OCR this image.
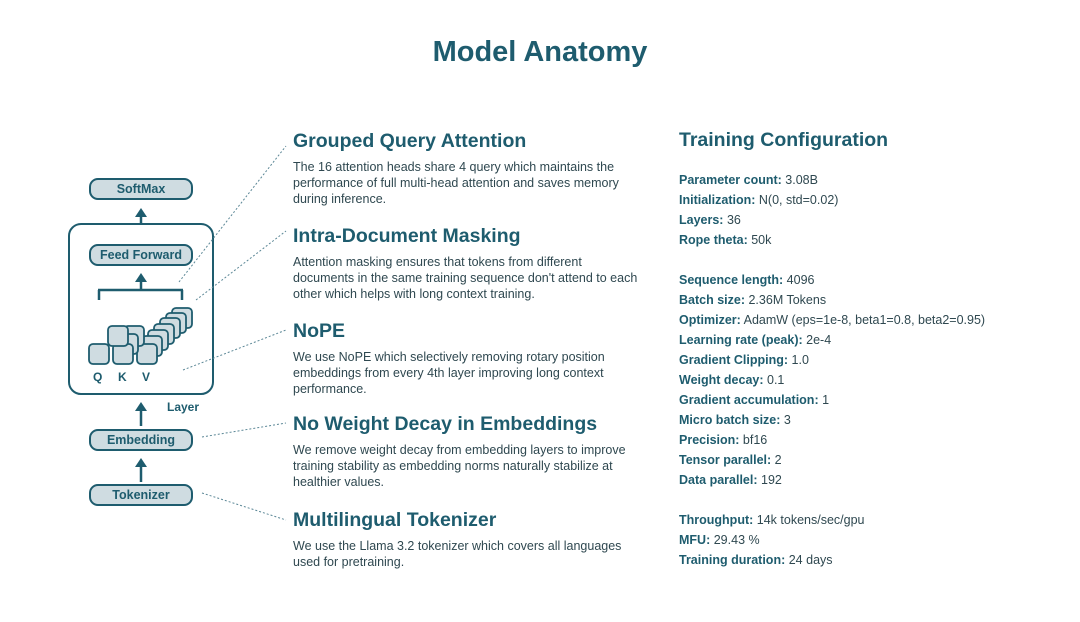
Model Anatomy
SoftMax
Feed Forward
Embedding
Tokenizer
Q K V
Layer
Grouped Query Attention

The 16 attention heads share 4 query which maintains the performance of full multi-head attention and saves memory during inference.

Intra-Document Masking

Attention masking ensures that tokens from different documents in the same training sequence don't attend to each other which helps with long context training.

NoPE

We use NoPE which selectively removing rotary position embeddings from every 4th layer improving long context performance.

No Weight Decay in Embeddings

We remove weight decay from embedding layers to improve training stability as embedding norms naturally stabilize at healthier values.

Multilingual Tokenizer

We use the Llama 3.2 tokenizer which covers all languages used for pretraining.

Training Configuration
Parameter count: 3.08B
Initialization: N(0, std=0.02)
Layers: 36
Rope theta: 50k
Sequence length: 4096
Batch size: 2.36M Tokens
Optimizer: AdamW (eps=1e-8, beta1=0.8, beta2=0.95)
Learning rate (peak): 2e-4
Gradient Clipping: 1.0
Weight decay: 0.1
Gradient accumulation: 1
Micro batch size: 3
Precision: bf16
Tensor parallel: 2
Data parallel: 192
Throughput: 14k tokens/sec/gpu
MFU: 29.43 %
Training duration: 24 days
